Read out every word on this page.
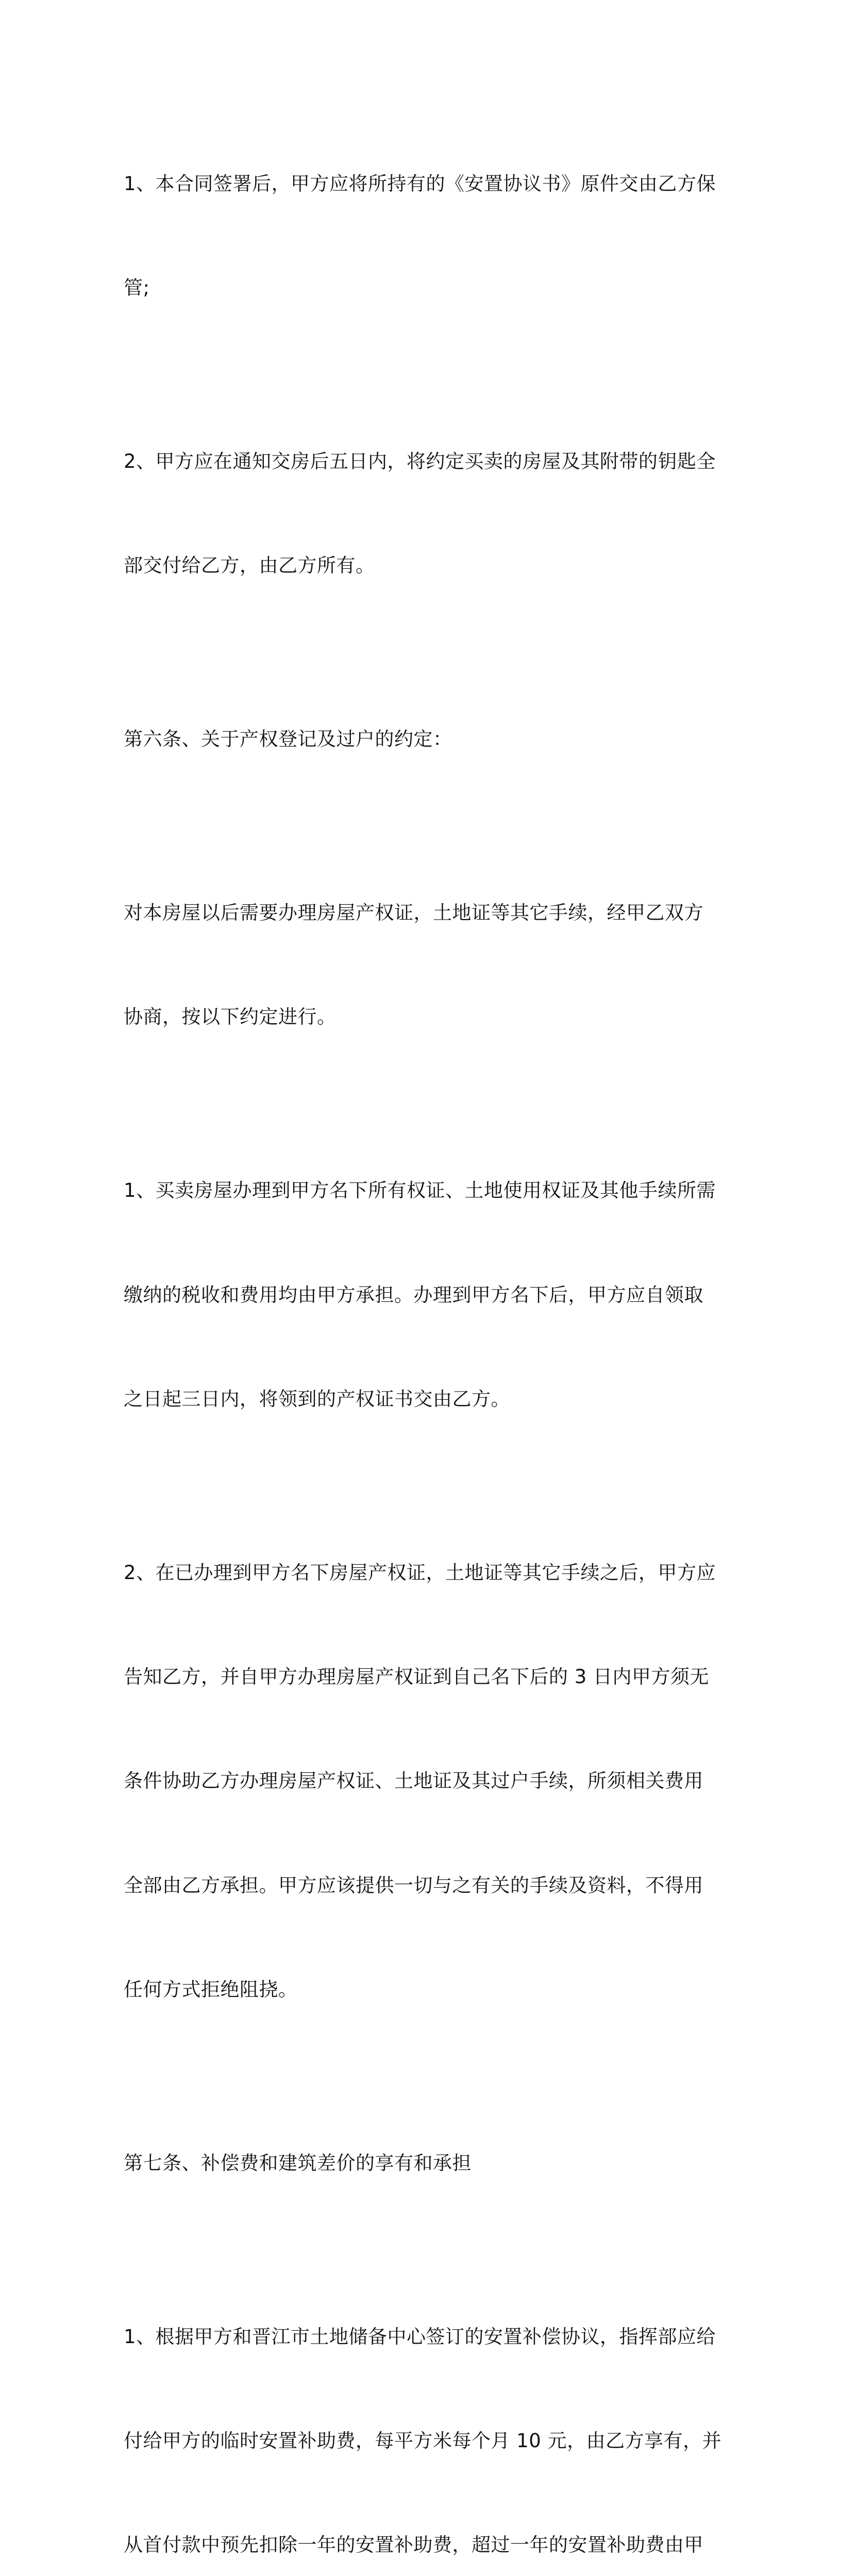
1、本合同签署后，甲方应将所持有的《安置协议书》原件交由乙方保

管;

2、甲方应在通知交房后五日内，将约定买卖的房屋及其附带的钥匙全

部交付给乙方，由乙方所有。

第六条、关于产权登记及过户的约定：

对本房屋以后需要办理房屋产权证，土地证等其它手续，经甲乙双方

协商，按以下约定进行。

1、买卖房屋办理到甲方名下所有权证、土地使用权证及其他手续所需

缴纳的税收和费用均由甲方承担。办理到甲方名下后，甲方应自领取

之日起三日内，将领到的产权证书交由乙方。

2、在已办理到甲方名下房屋产权证，土地证等其它手续之后，甲方应

告知乙方，并自甲方办理房屋产权证到自己名下后的 3 日内甲方须无

条件协助乙方办理房屋产权证、土地证及其过户手续，所须相关费用

全部由乙方承担。甲方应该提供一切与之有关的手续及资料，不得用

任何方式拒绝阻挠。

第七条、补偿费和建筑差价的享有和承担

1、根据甲方和晋江市土地储备中心签订的安置补偿协议，指挥部应给

付给甲方的临时安置补助费，每平方米每个月 10 元，由乙方享有，并

从首付款中预先扣除一年的安置补助费，超过一年的安置补助费由甲
